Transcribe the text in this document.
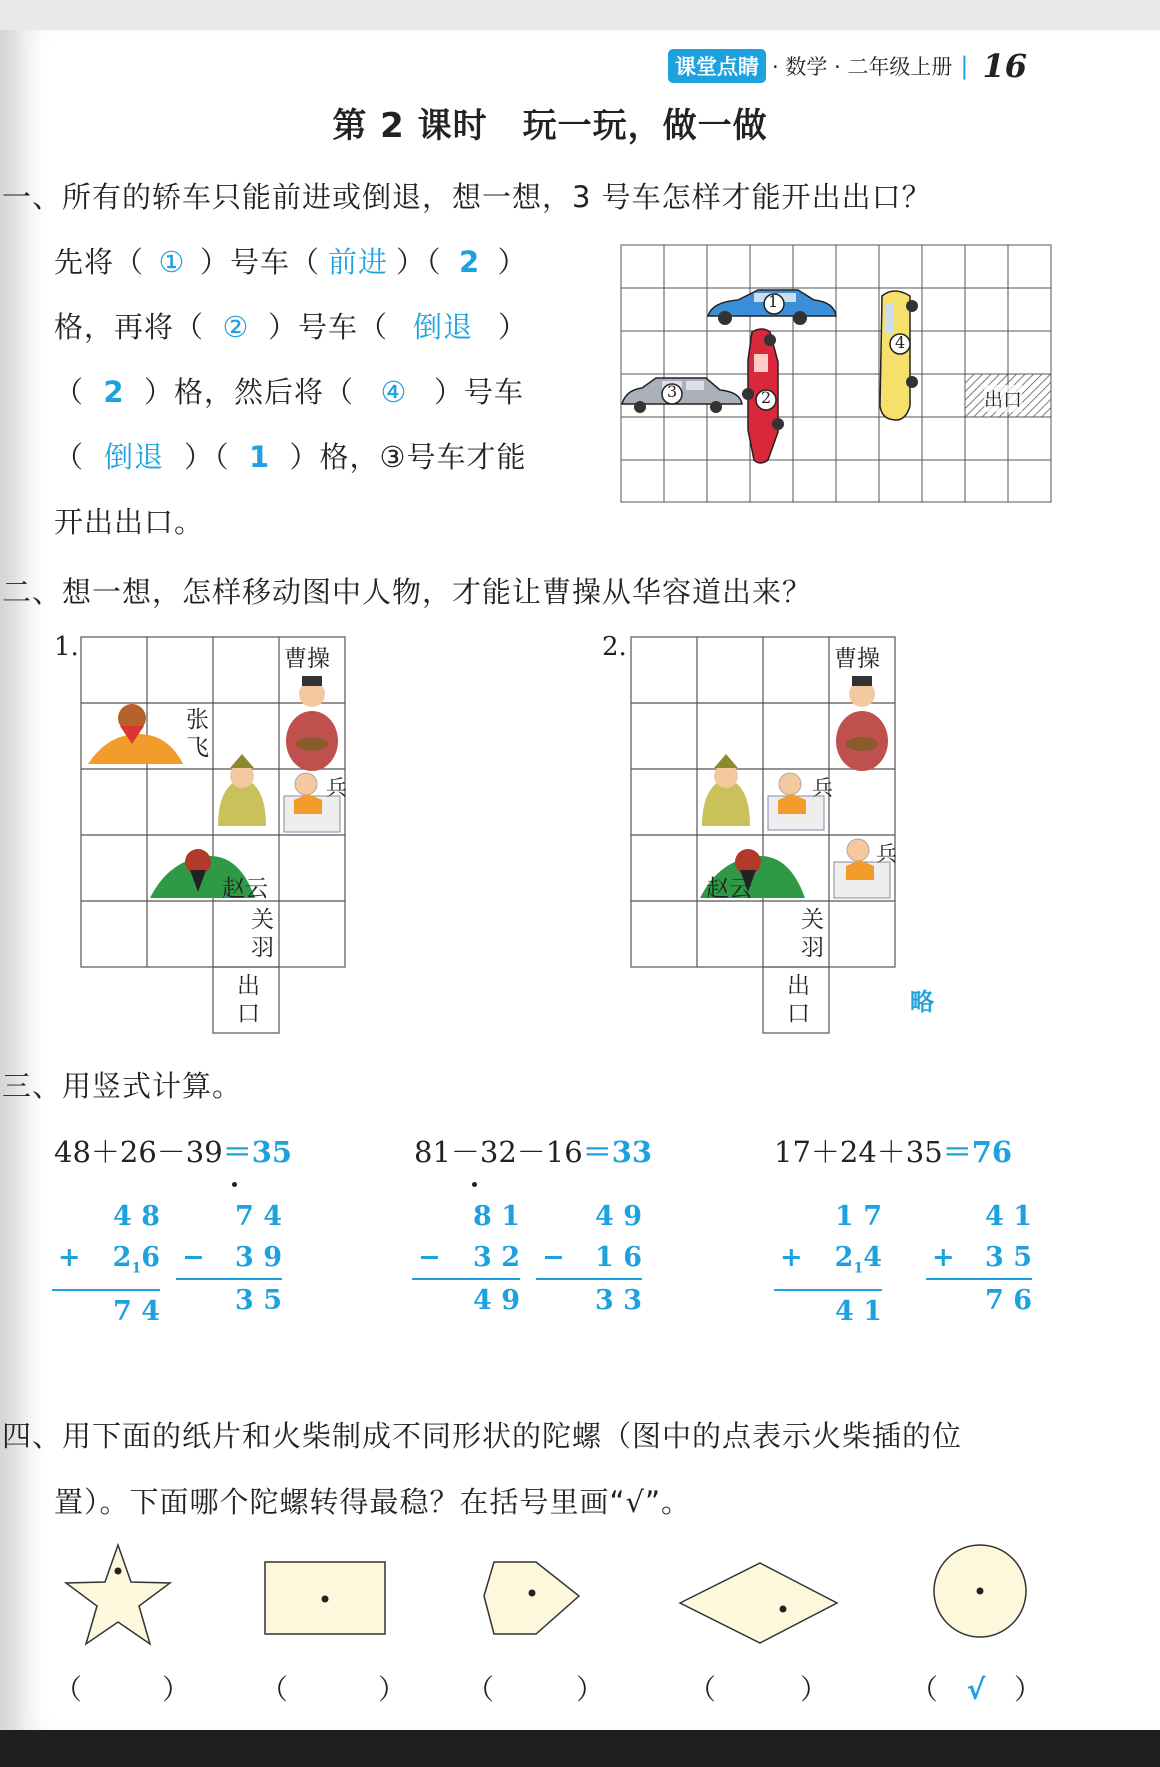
课堂点睛 · 数学 · 二年级上册 | 16
第 2 课时　玩一玩，做一做
一、所有的轿车只能前进或倒退，想一想，3 号车怎样才能开出出口？
先将（ ① ）号车（ 前进 ）（ 2 ）
格，再将（ ② ）号车（ 倒退 ）
（ 2 ）格，然后将（ ④ ）号车
（ 倒退 ）（ 1 ）格，③号车才能
开出出口。
1
2
3
4
出口
二、想一想，怎样移动图中人物，才能让曹操从华容道出来？
1.	2.
曹操
张飞
赵云
关羽
兵
出口
曹操
赵云
关羽
兵
兵
出口	略
三、用竖式计算。
48＋26－39＝35	81－32－16＝33	17＋24＋35＝76
4 8
+ $2_16$
7 4
7 4
− 3 9
3 5
8 1
− 3 2
4 9
4 9
− 1 6
3 3
1 7
+ $2_14$
4 1
4 1
+ 3 5
7 6
四、用下面的纸片和火柴制成不同形状的陀螺（图中的点表示火柴插的位
置）。下面哪个陀螺转得最稳？在括号里画“√”。
（	） （	） （	）	（	）	（ √ ）
